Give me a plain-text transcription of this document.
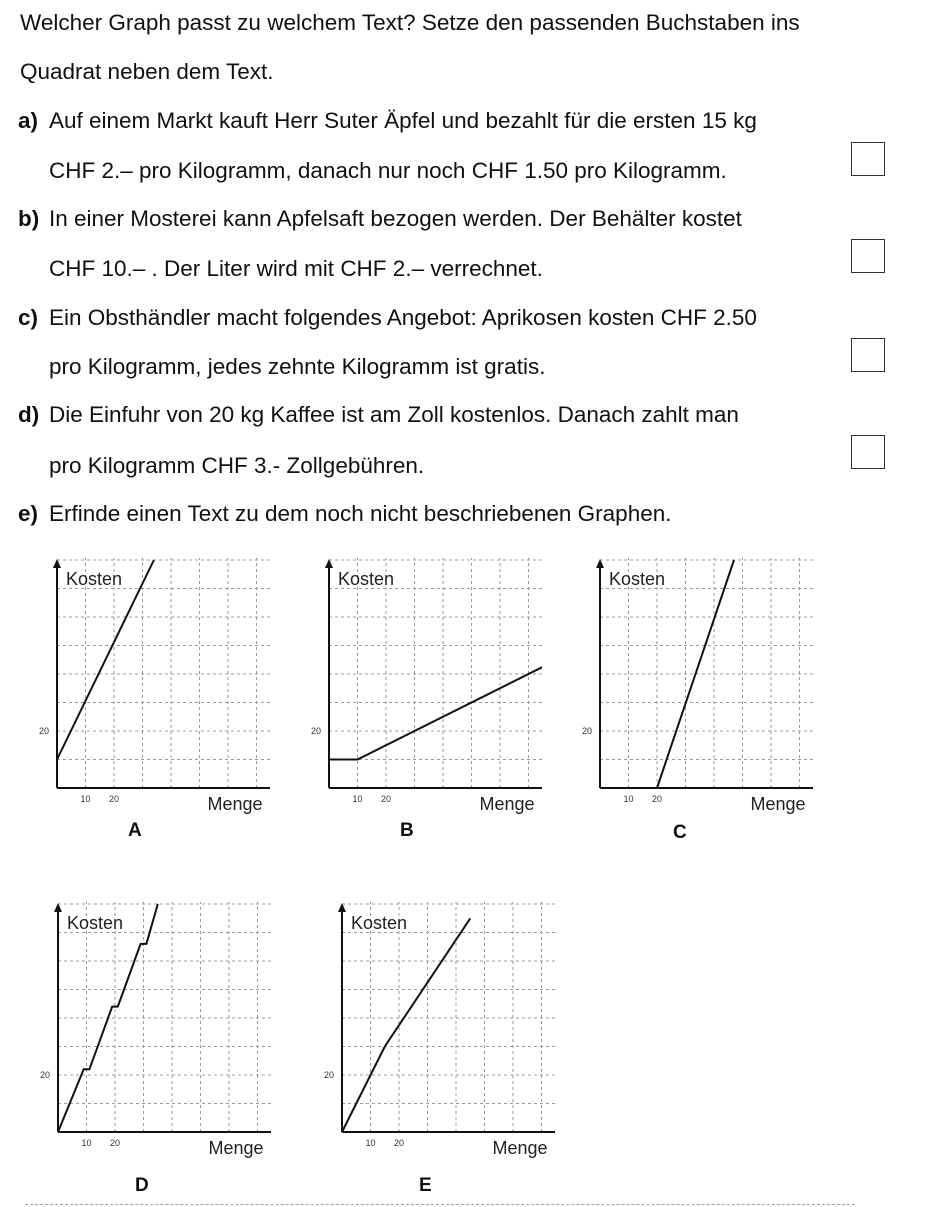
Welcher Graph passt zu welchem Text? Setze den passenden Buchstaben ins
Quadrat neben dem Text.
a) Auf einem Markt kauft Herr Suter Äpfel und bezahlt für die ersten 15 kg
CHF 2.– pro Kilogramm, danach nur noch CHF 1.50 pro Kilogramm.
b) In einer Mosterei kann Apfelsaft bezogen werden. Der Behälter kostet
CHF 10.– . Der Liter wird mit CHF 2.– verrechnet.
c) Ein Obsthändler macht folgendes Angebot: Aprikosen kosten CHF 2.50
pro Kilogramm, jedes zehnte Kilogramm ist gratis.
d) Die Einfuhr von 20 kg Kaffee ist am Zoll kostenlos. Danach zahlt man
pro Kilogramm CHF 3.- Zollgebühren.
e) Erfinde einen Text zu dem noch nicht beschriebenen Graphen.
Kosten
Menge
10 20
20
A
Kosten
Menge
10 20
20
B
Kosten
Menge
10 20
20
C
Kosten
Menge
10 20
20
D
Kosten
Menge
10 20
20
E
